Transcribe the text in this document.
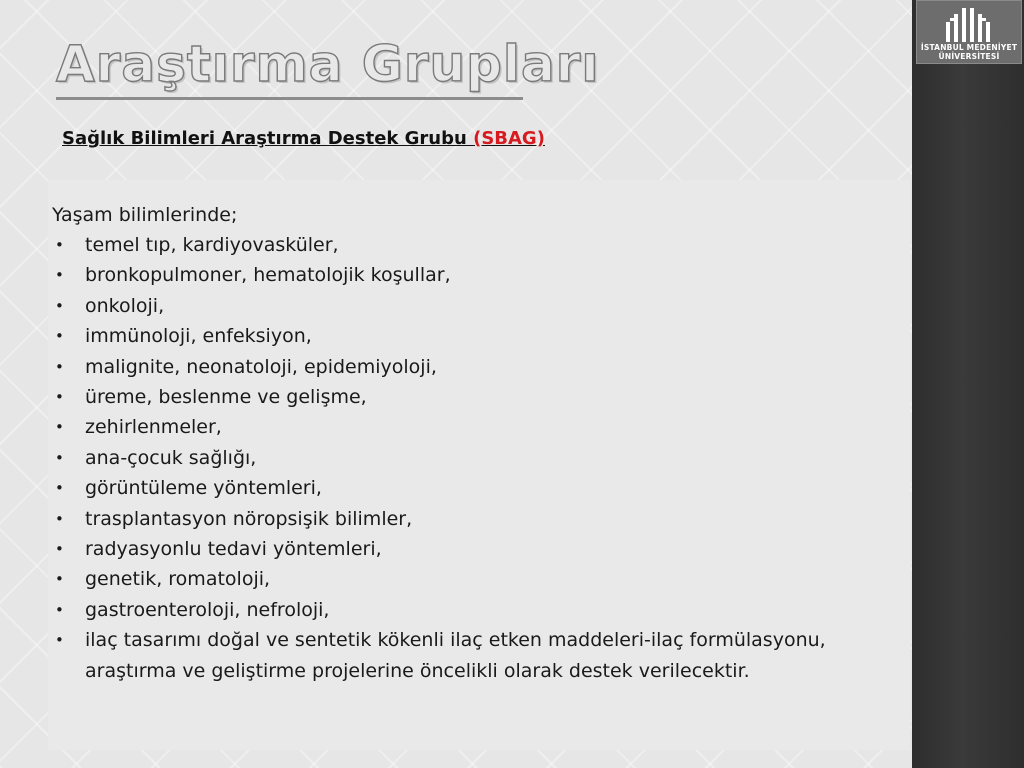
İSTANBUL MEDENİYET
ÜNİVERSİTESİ
Araştırma Grupları
Sağlık Bilimleri Araştırma Destek Grubu (SBAG)
Yaşam bilimlerinde;
• temel tıp, kardiyovasküler,
• bronkopulmoner, hematolojik koşullar,
• onkoloji,
• immünoloji, enfeksiyon,
• malignite, neonatoloji, epidemiyoloji,
• üreme, beslenme ve gelişme,
• zehirlenmeler,
• ana-çocuk sağlığı,
• görüntüleme yöntemleri,
• trasplantasyon nöropsişik bilimler,
• radyasyonlu tedavi yöntemleri,
• genetik, romatoloji,
• gastroenteroloji, nefroloji,
• ilaç tasarımı doğal ve sentetik kökenli ilaç etken maddeleri-ilaç formülasyonu, araştırma ve geliştirme projelerine öncelikli olarak destek verilecektir.
